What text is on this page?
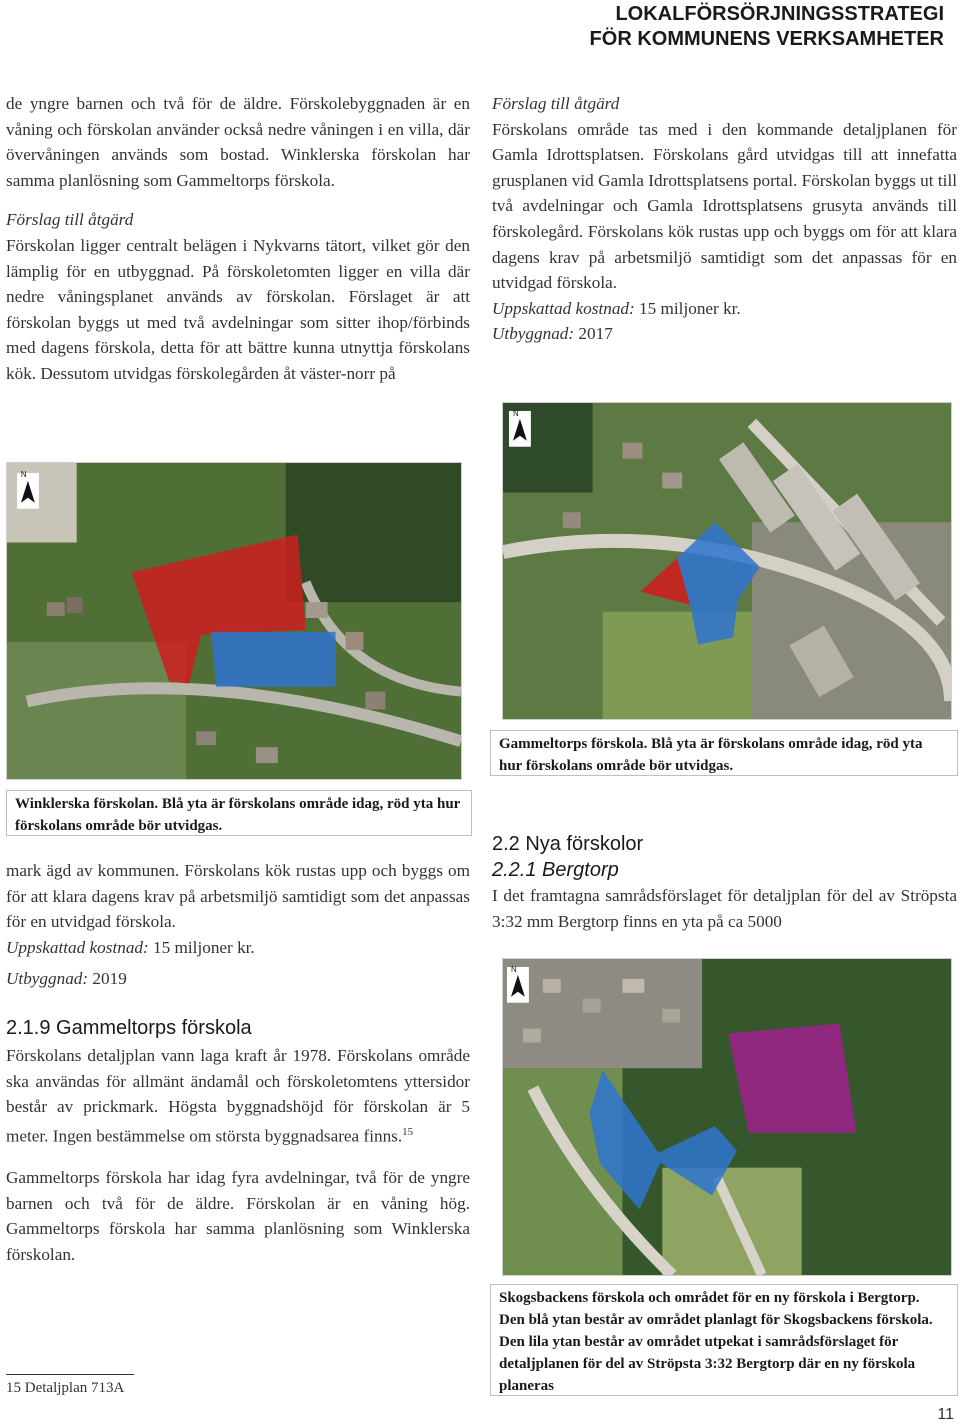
LOKALFÖRSÖRJNINGSSTRATEGI
FÖR KOMMUNENS VERKSAMHETER

de yngre barnen och två för de äldre. Förskolebyggnaden är en våning och förskolan använder också nedre våningen i en villa, där övervåningen används som bostad. Winklerska förskolan har samma planlösning som Gammeltorps förskola.

Förslag till åtgärd

Förskolan ligger centralt belägen i Nykvarns tätort, vilket gör den lämplig för en utbyggnad. På förskoletomten ligger en villa där nedre våningsplanet används av förskolan. Förslaget är att förskolan byggs ut med två avdelningar som sitter ihop/förbinds med dagens förskola, detta för att bättre kunna utnyttja förskolans kök. Dessutom utvidgas förskolegården åt väster-norr på

N
Winklerska förskolan. Blå yta är förskolans område idag, röd yta hur förskolans område bör utvidgas.

mark ägd av kommunen. Förskolans kök rustas upp och byggs om för att klara dagens krav på arbetsmiljö samtidigt som det anpassas för en utvidgad förskola.

Uppskattad kostnad: 15 miljoner kr.

Utbyggnad: 2019

2.1.9 Gammeltorps förskola

Förskolans detaljplan vann laga kraft år 1978. Förskolans område ska användas för allmänt ändamål och förskoletomtens yttersidor består av prickmark. Högsta byggnadshöjd för förskolan är 5 meter. Ingen bestämmelse om största byggnadsarea finns.$^{15}$

Gammeltorps förskola har idag fyra avdelningar, två för de yngre barnen och två för de äldre. Förskolan är en våning hög. Gammeltorps förskola har samma planlösning som Winklerska förskolan.

Förslag till åtgärd

Förskolans område tas med i den kommande detaljplanen för Gamla Idrottsplatsen. Förskolans gård utvidgas till att innefatta grusplanen vid Gamla Idrottsplatsens portal. Förskolan byggs ut till två avdelningar och Gamla Idrottsplatsens grusyta används till förskolegård. Förskolans kök rustas upp och byggs om för att klara dagens krav på arbetsmiljö samtidigt som det anpassas för en utvidgad förskola.

Uppskattad kostnad: 15 miljoner kr.

Utbyggnad: 2017

N
Gammeltorps förskola. Blå yta är förskolans område idag, röd yta hur förskolans område bör utvidgas.
2.2 Nya förskolor
2.2.1 Bergtorp

I det framtagna samrådsförslaget för detaljplan för del av Ströpsta 3:32 mm Bergtorp finns en yta på ca 5000

N
Skogsbackens förskola och området för en ny förskola i Bergtorp. Den blå ytan består av området planlagt för Skogsbackens förskola. Den lila ytan består av området utpekat i samrådsförslaget för detaljplanen för del av Ströpsta 3:32 Bergtorp där en ny förskola planeras
15 Detaljplan 713A
11
